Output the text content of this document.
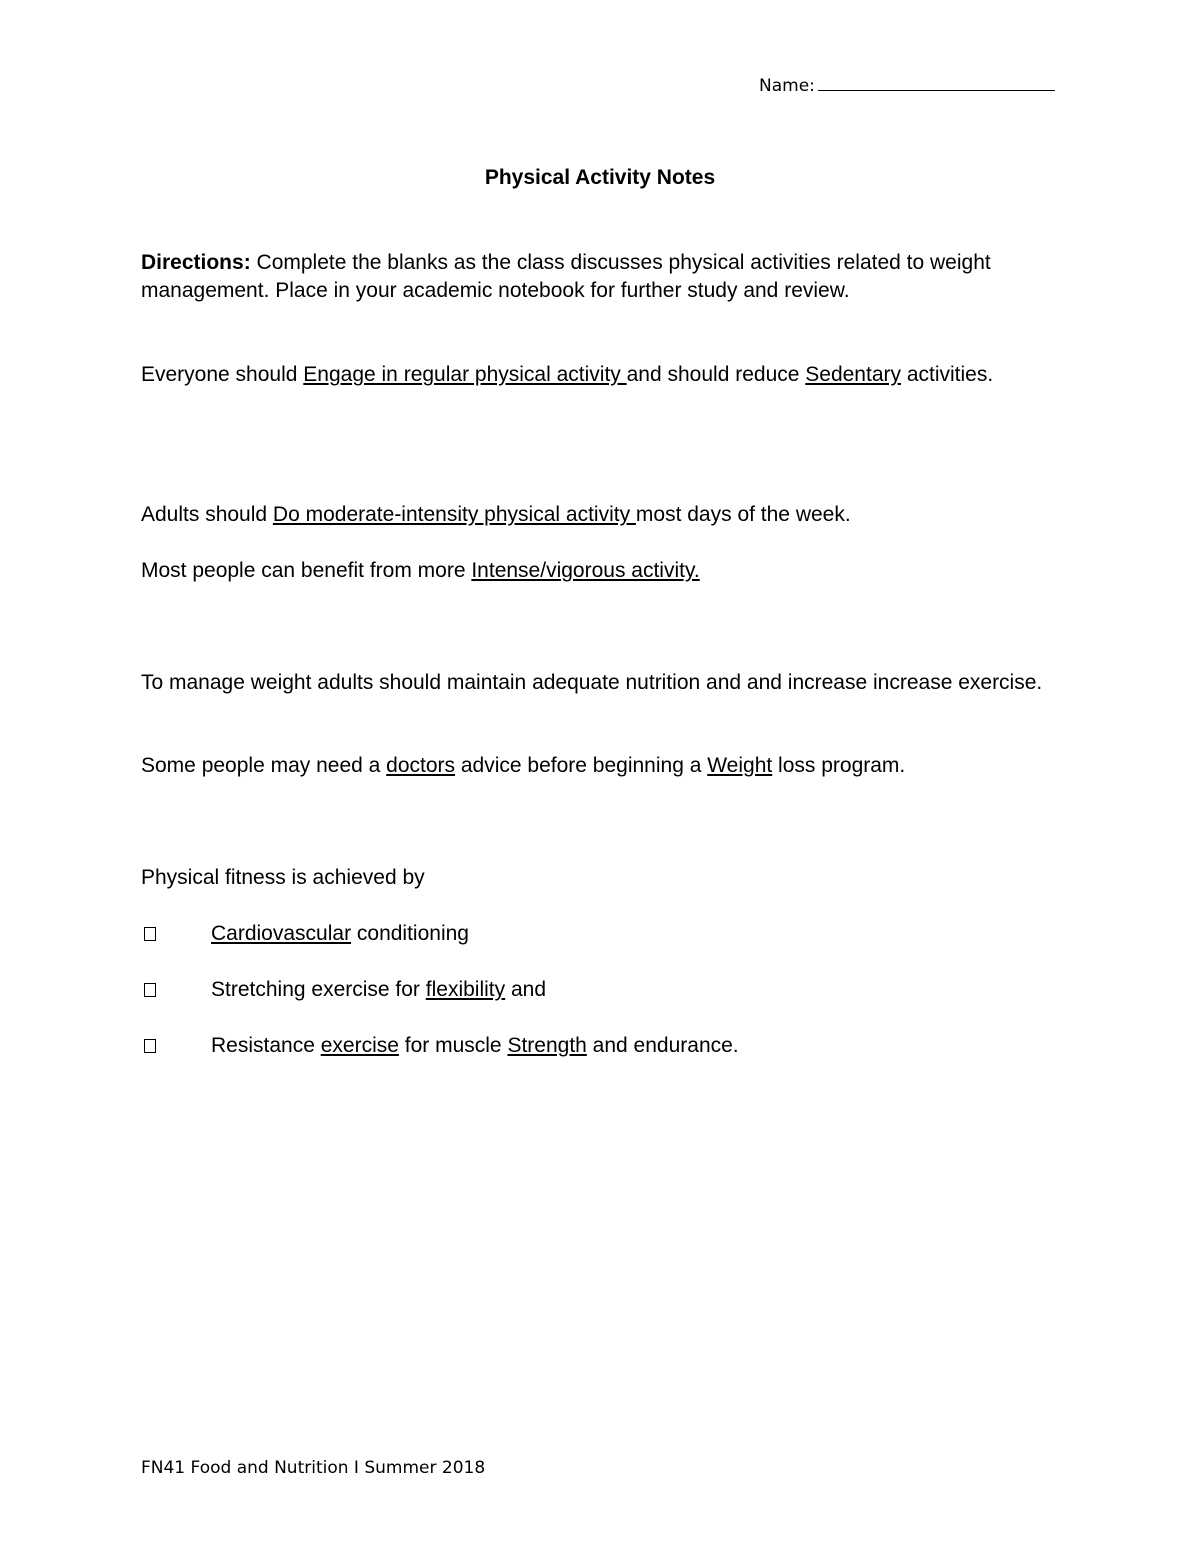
Name:
Physical Activity Notes
Directions: Complete the blanks as the class discusses physical activities related to weight management. Place in your academic notebook for further study and review.
Everyone should Engage in regular physical activity and should reduce Sedentary activities.
Adults should Do moderate-intensity physical activity most days of the week.
Most people can benefit from more Intense/vigorous activity.
To manage weight adults should maintain adequate nutrition and and increase increase exercise.
Some people may need a doctors advice before beginning a Weight loss program.
Physical fitness is achieved by
Cardiovascular conditioning
Stretching exercise for flexibility and
Resistance exercise for muscle Strength and endurance.
FN41 Food and Nutrition I Summer 2018
